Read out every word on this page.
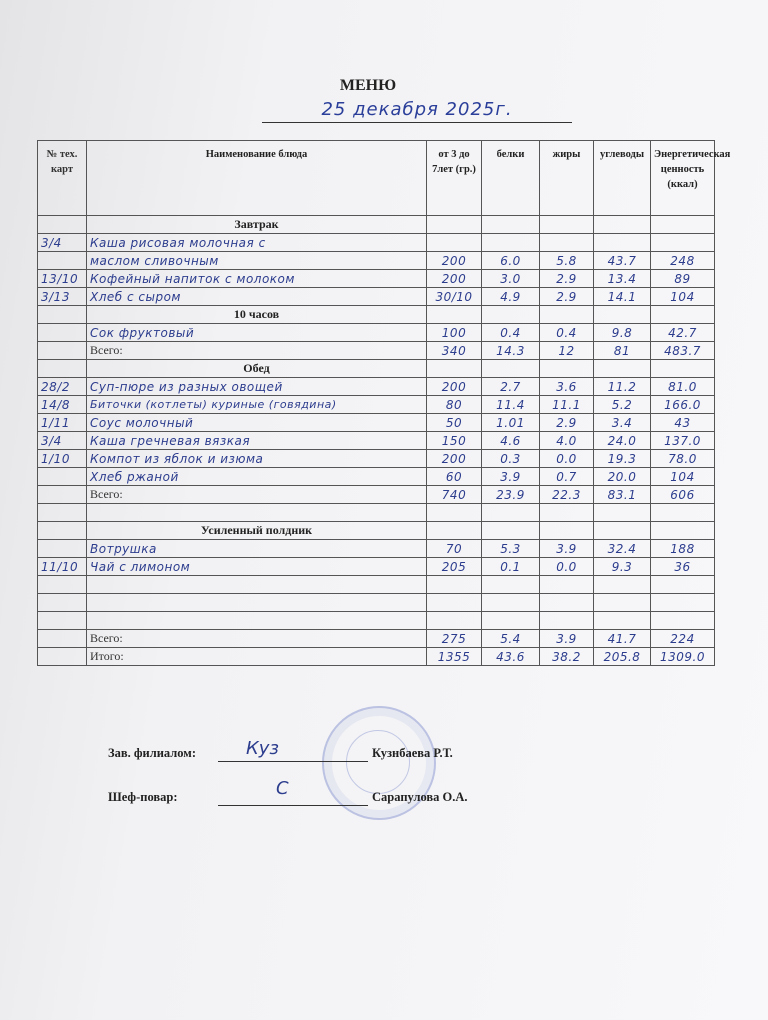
МЕНЮ
25 декабря 2025г.
№ тех. карт	Наименование блюда	от 3 до 7лет (гр.)	белки	жиры	углеводы	Энергетическая ценность (ккал)
	Завтрак					
3/4	Каша рисовая молочная с					
	маслом сливочным	200	6.0	5.8	43.7	248
13/10	Кофейный напиток с молоком	200	3.0	2.9	13.4	89
3/13	Хлеб с сыром	30/10	4.9	2.9	14.1	104
	10 часов					
	Сок фруктовый	100	0.4	0.4	9.8	42.7
	Всего:	340	14.3	12	81	483.7
	Обед					
28/2	Суп-пюре из разных овощей	200	2.7	3.6	11.2	81.0
14/8	Биточки (котлеты) куриные (говядина)	80	11.4	11.1	5.2	166.0
1/11	Соус молочный	50	1.01	2.9	3.4	43
3/4	Каша гречневая вязкая	150	4.6	4.0	24.0	137.0
1/10	Компот из яблок и изюма	200	0.3	0.0	19.3	78.0
	Хлеб ржаной	60	3.9	0.7	20.0	104
	Всего:	740	23.9	22.3	83.1	606

	Усиленный полдник					
	Вотрушка	70	5.3	3.9	32.4	188
11/10	Чай с лимоном	205	0.1	0.0	9.3	36

	Всего:	275	5.4	3.9	41.7	224
	Итого:	1355	43.6	38.2	205.8	1309.0
Зав. филиалом:	Куз	Кузнбаева Р.Т.
Шеф-повар:	С	Сарапулова О.А.
